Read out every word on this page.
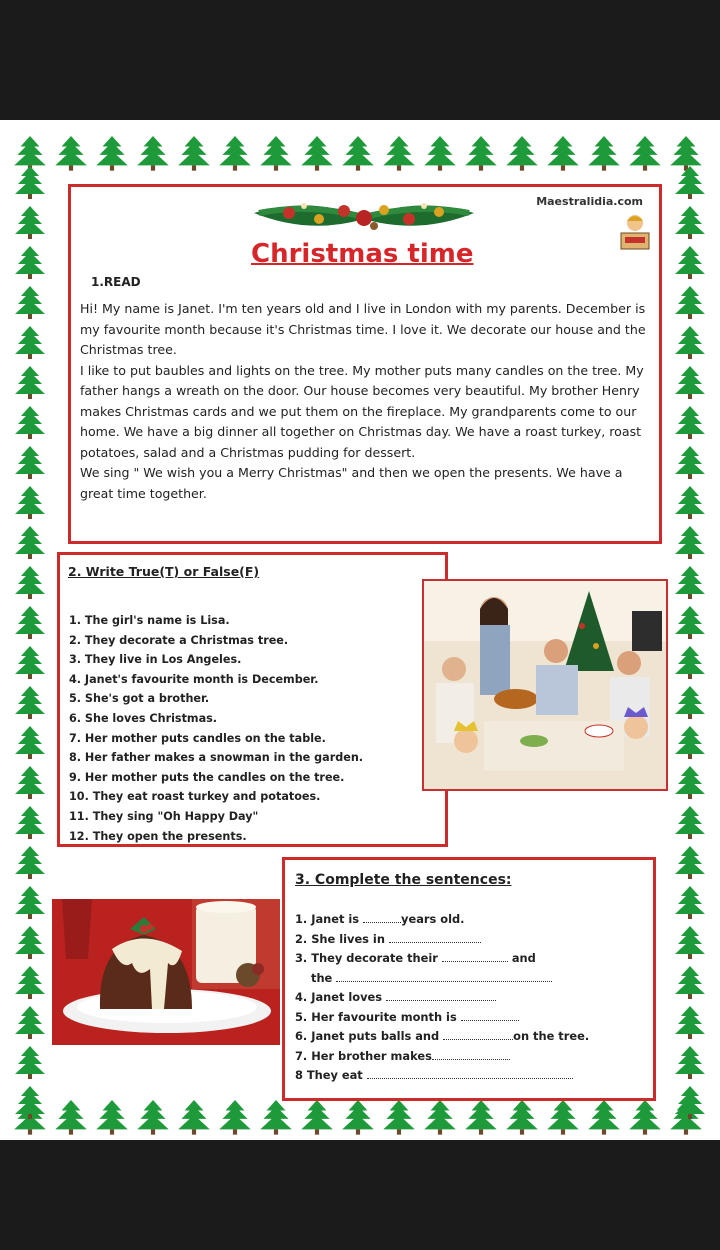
Maestralidia.com
Christmas time
1.READ

Hi! My name is Janet. I'm ten years old and I live in London with my parents. December is my favourite month because it's Christmas time. I love it. We decorate our house and the Christmas tree.

I like to put baubles and lights on the tree. My mother puts many candles on the tree. My father hangs a wreath on the door. Our house becomes very beautiful. My brother Henry makes Christmas cards and we put them on the fireplace. My grandparents come to our home. We have a big dinner all together on Christmas day. We have a roast turkey, roast potatoes, salad and a Christmas pudding for dessert.

We sing " We wish you a Merry Christmas" and then we open the presents. We have a great time together.

2. Write True(T) or False(F)
1. The girl's name is Lisa.
2. They decorate a Christmas tree.
3. They live in Los Angeles.
4. Janet's favourite month is December.
5. She's got a brother.
6. She loves Christmas.
7. Her mother puts candles on the table.
8. Her father makes a snowman in the garden.
9. Her mother puts the candles on the tree.
10. They eat roast turkey and potatoes.
11. They sing "Oh Happy Day"
12. They open the presents.
3. Complete the sentences:
1. Janet is	years old.
2. She lives in
3. They decorate their	and
the
4. Janet loves
5. Her favourite month is
6. Janet puts balls and	on the tree.
7. Her brother makes
8 They eat
